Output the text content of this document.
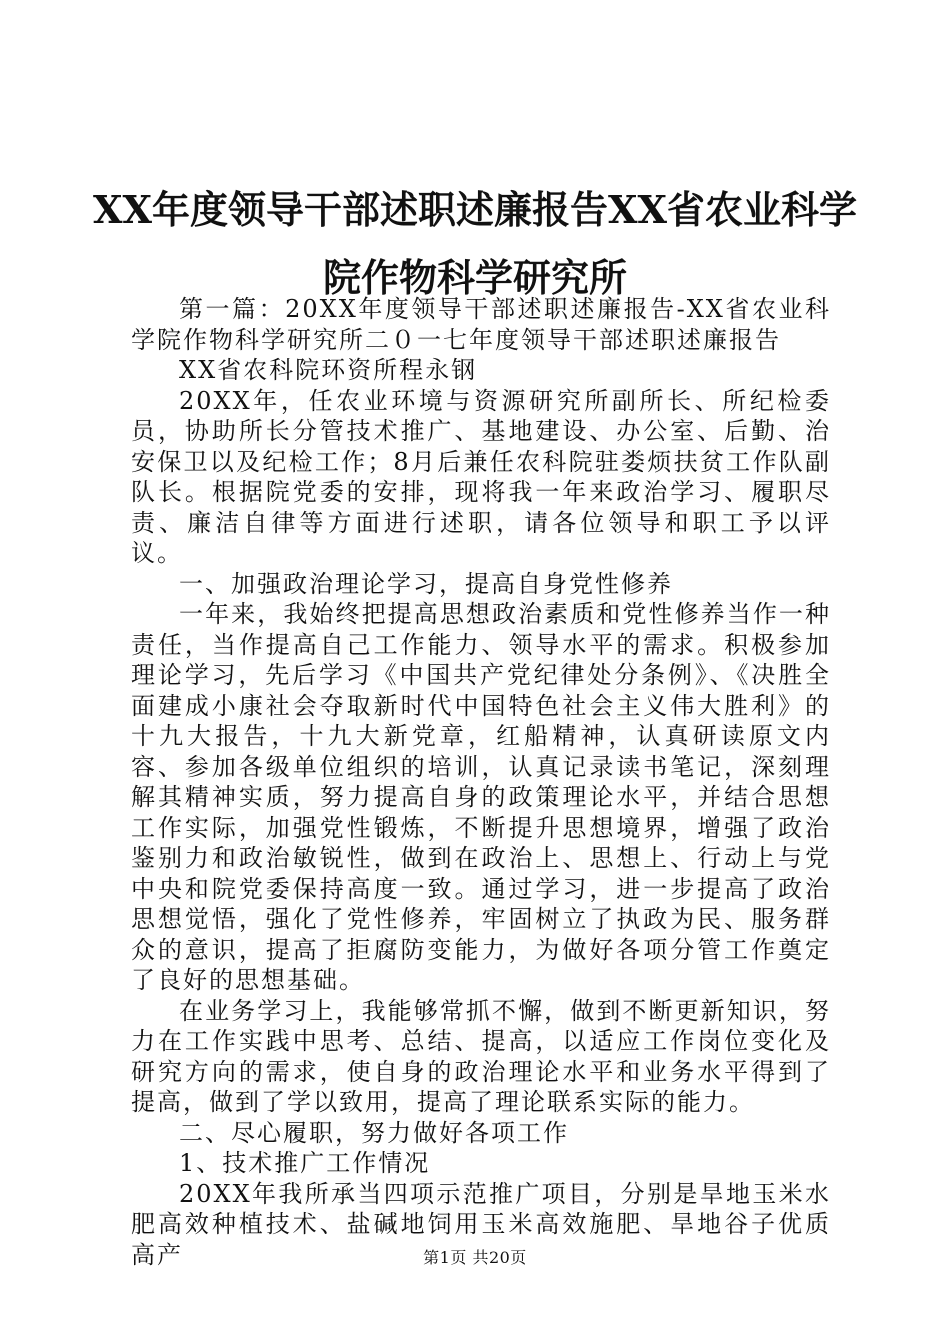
XX年度领导干部述职述廉报告XX省农业科学
院作物科学研究所

第一篇：20XX年度领导干部述职述廉报告-XX省农业科学院作物科学研究所二０一七年度领导干部述职述廉报告

XX省农科院环资所程永钢

20XX年，任农业环境与资源研究所副所长、所纪检委员，协助所长分管技术推广、基地建设、办公室、后勤、治安保卫以及纪检工作；8月后兼任农科院驻娄烦扶贫工作队副队长。根据院党委的安排，现将我一年来政治学习、履职尽责、廉洁自律等方面进行述职，请各位领导和职工予以评议。

一、加强政治理论学习，提高自身党性修养

一年来，我始终把提高思想政治素质和党性修养当作一种责任，当作提高自己工作能力、领导水平的需求。积极参加理论学习，先后学习《中国共产党纪律处分条例》、《决胜全面建成小康社会夺取新时代中国特色社会主义伟大胜利》的十九大报告，十九大新党章，红船精神，认真研读原文内容、参加各级单位组织的培训，认真记录读书笔记，深刻理解其精神实质，努力提高自身的政策理论水平，并结合思想工作实际，加强党性锻炼，不断提升思想境界，增强了政治鉴别力和政治敏锐性，做到在政治上、思想上、行动上与党中央和院党委保持高度一致。通过学习，进一步提高了政治思想觉悟，强化了党性修养，牢固树立了执政为民、服务群众的意识，提高了拒腐防变能力，为做好各项分管工作奠定了良好的思想基础。

在业务学习上，我能够常抓不懈，做到不断更新知识，努力在工作实践中思考、总结、提高，以适应工作岗位变化及研究方向的需求，使自身的政治理论水平和业务水平得到了提高，做到了学以致用，提高了理论联系实际的能力。

二、尽心履职，努力做好各项工作

1、技术推广工作情况

20XX年我所承当四项示范推广项目，分别是旱地玉米水肥高效种植技术、盐碱地饲用玉米高效施肥、旱地谷子优质高产	第1页 共20页
